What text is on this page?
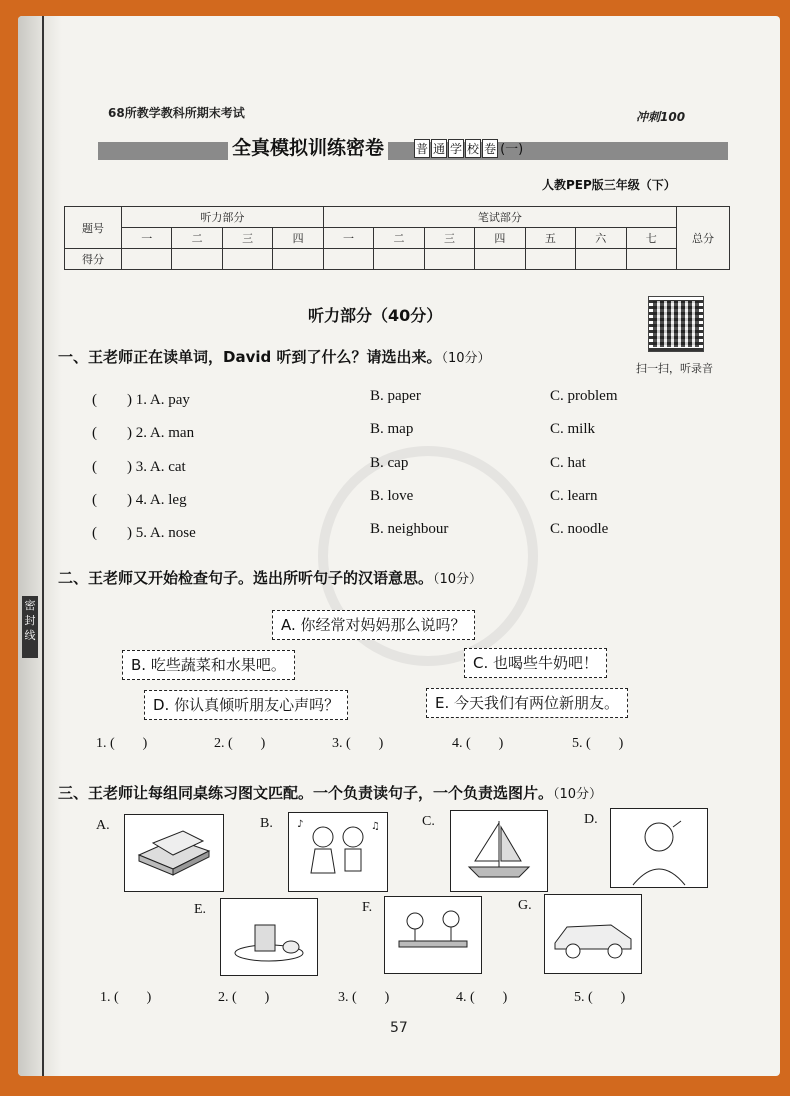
密封线
68所教学教科所期末考试	冲刺100
全真模拟训练密卷	普 通 学 校 卷 (一)
人教PEP版三年级（下）
题号	听力部分				笔试部分							总分
	一	二	三	四	一	二	三	四	五	六	七	
得分												
听力部分（40分）
扫一扫，听录音
一、王老师正在读单词，David 听到了什么？请选出来。（10分）
(　　) 1. A. pay	B. paper	C. problem
(　　) 2. A. man	B. map	C. milk
(　　) 3. A. cat	B. cap	C. hat
(　　) 4. A. leg	B. love	C. learn
(　　) 5. A. nose	B. neighbour	C. noodle
二、王老师又开始检查句子。选出所听句子的汉语意思。（10分）
A. 你经常对妈妈那么说吗？
B. 吃些蔬菜和水果吧。	C. 也喝些牛奶吧！
D. 你认真倾听朋友心声吗？	E. 今天我们有两位新朋友。
1. (　　)	2. (　　)	3. (　　)	4. (　　)	5. (　　)
三、王老师让每组同桌练习图文匹配。一个负责读句子，一个负责选图片。（10分）
A.	B. ♪	♫	C.	D.
E.	F.	G.
1. (　　)	2. (　　)	3. (　　)	4. (　　)	5. (　　)
57
